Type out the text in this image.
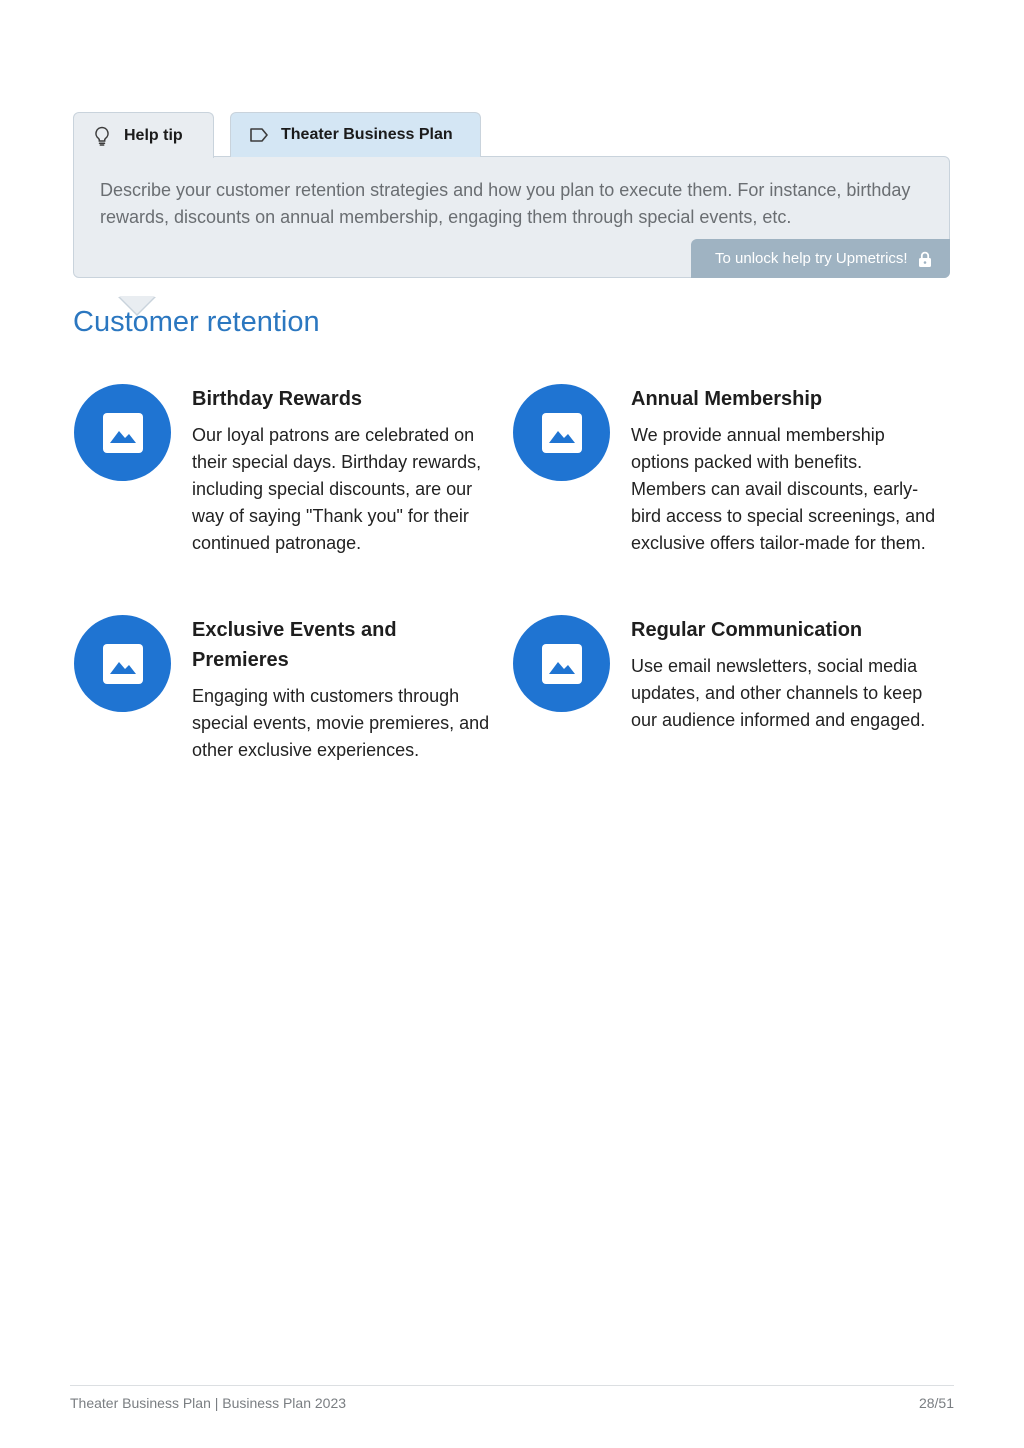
Help tip	Theater Business Plan

Describe your customer retention strategies and how you plan to execute them. For instance, birthday rewards, discounts on annual membership, engaging them through special events, etc.

To unlock help try Upmetrics!
Customer retention
Birthday Rewards

Our loyal patrons are celebrated on their special days. Birthday rewards, including special discounts, are our way of saying "Thank you" for their continued patronage.

Annual Membership

We provide annual membership options packed with benefits. Members can avail discounts, early-bird access to special screenings, and exclusive offers tailor-made for them.

Exclusive Events and Premieres

Engaging with customers through special events, movie premieres, and other exclusive experiences.

Regular Communication

Use email newsletters, social media updates, and other channels to keep our audience informed and engaged.

Theater Business Plan | Business Plan 2023	28/51
